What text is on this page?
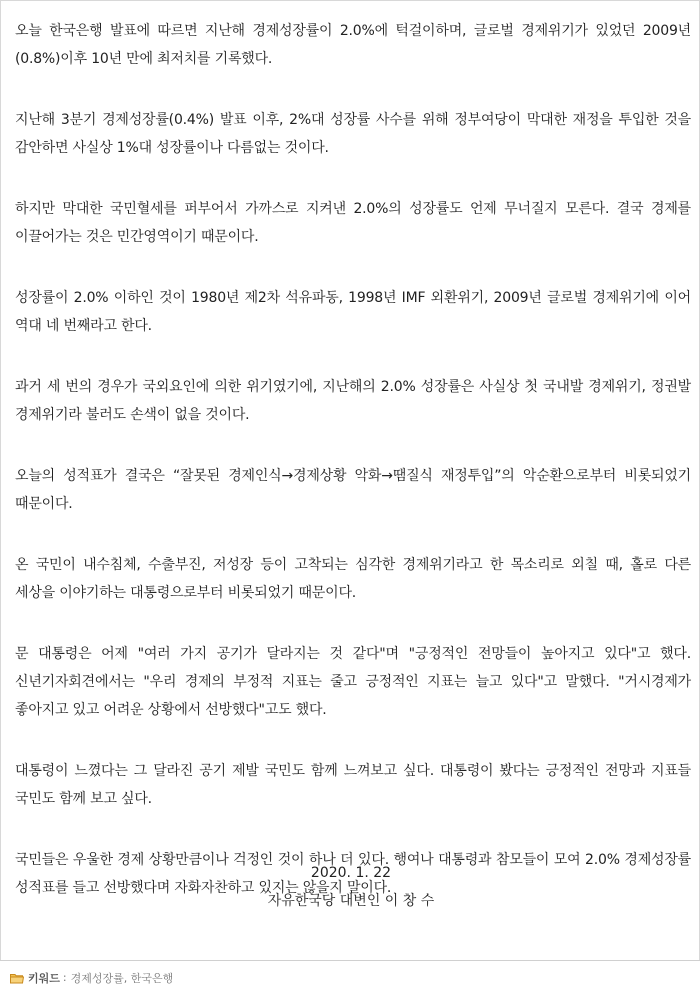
오늘 한국은행 발표에 따르면 지난해 경제성장률이 2.0%에 턱걸이하며, 글로벌 경제위기가 있었던 2009년(0.8%)이후 10년 만에 최저치를 기록했다.

지난해 3분기 경제성장률(0.4%) 발표 이후, 2%대 성장률 사수를 위해 정부여당이 막대한 재정을 투입한 것을 감안하면 사실상 1%대 성장률이나 다름없는 것이다.

하지만 막대한 국민혈세를 퍼부어서 가까스로 지켜낸 2.0%의 성장률도 언제 무너질지 모른다. 결국 경제를 이끌어가는 것은 민간영역이기 때문이다.

성장률이 2.0% 이하인 것이 1980년 제2차 석유파동, 1998년 IMF 외환위기, 2009년 글로벌 경제위기에 이어 역대 네 번째라고 한다.

과거 세 번의 경우가 국외요인에 의한 위기였기에, 지난해의 2.0% 성장률은 사실상 첫 국내발 경제위기, 정권발 경제위기라 불러도 손색이 없을 것이다.

오늘의 성적표가 결국은 “잘못된 경제인식→경제상황 악화→땜질식 재정투입”의 악순환으로부터 비롯되었기 때문이다.

온 국민이 내수침체, 수출부진, 저성장 등이 고착되는 심각한 경제위기라고 한 목소리로 외칠 때, 홀로 다른 세상을 이야기하는 대통령으로부터 비롯되었기 때문이다.

문 대통령은 어제 "여러 가지 공기가 달라지는 것 같다"며 "긍정적인 전망들이 높아지고 있다"고 했다. 신년기자회견에서는 "우리 경제의 부정적 지표는 줄고 긍정적인 지표는 늘고 있다"고 말했다. "거시경제가 좋아지고 있고 어려운 상황에서 선방했다"고도 했다.

대통령이 느꼈다는 그 달라진 공기 제발 국민도 함께 느껴보고 싶다. 대통령이 봤다는 긍정적인 전망과 지표들 국민도 함께 보고 싶다.

국민들은 우울한 경제 상황만큼이나 걱정인 것이 하나 더 있다. 행여나 대통령과 참모들이 모여 2.0% 경제성장률 성적표를 들고 선방했다며 자화자찬하고 있지는 않을지 말이다.

2020. 1. 22
자유한국당 대변인 이 창 수
키워드 : 경제성장률, 한국은행
